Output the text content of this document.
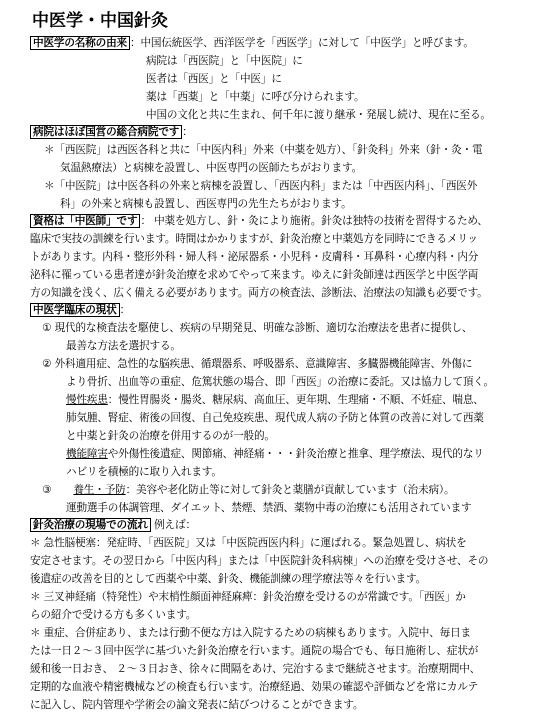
中医学・中国針灸
中医学の名称の由来 ：中国伝統医学、西洋医学を「西医学」に対して「中医学」と呼びます。
病院は「西医院」と「中医院」に
医者は「西医」と「中医」に
薬は「西薬」と「中薬」に呼び分けられます。
中国の文化と共に生まれ、何千年に渡り継承・発展し続け、現在に至る。
病院はほぼ国営の総合病院です ：
＊「西医院」は西医各科と共に「中医内科」外来（中薬を処方）、「針灸科」外来（針・灸・電
気温熱療法）と病棟を設置し、中医専門の医師たちがおります。
＊「中医院」は中医各科の外来と病棟を設置し、「西医内科」または「中西医内科」、「西医外
科」の外来と病棟も設置し、西医専門の先生たちがおります。
資格は「中医師」です ： 中薬を処方し、針・灸により施術。針灸は独特の技術を習得するため、
臨床で実技の訓練を行います。時間はかかりますが、針灸治療と中薬処方を同時にできるメリッ
トがあります。内科・整形外科・婦人科・泌尿器系・小児科・皮膚科・耳鼻科・心療内科・内分
泌科に罹っている患者達が針灸治療を求めてやって来ます。ゆえに針灸師達は西医学と中医学両
方の知識を浅く、広く備える必要があります。両方の検査法、診断法、治療法の知識も必要です。
中医学臨床の現状 ：
① 現代的な検査法を駆使し、疾病の早期発見、明確な診断、適切な治療法を患者に提供し、
最善な方法を選択する。
② 外科適用症、急性的な脳疾患、循環器系、呼吸器系、意識障害、多臓器機能障害、外傷に
より骨折、出血等の重症、危篤状態の場合、即「西医」の治療に委託。又は協力して頂く。
慢性疾患：慢性胃腸炎・腸炎、糖尿病、高血圧、更年期、生理痛・不順、不妊症、喘息、
肺気腫、腎症、術後の回復、自己免疫疾患、現代成人病の予防と体質の改善に対して西薬
と中薬と針灸の治療を併用するのが一般的。
機能障害や外傷性後遺症、関節痛、神経痛・・・針灸治療と推拿、理学療法、現代的なリ
ハビリを積極的に取り入れます。
③ 養生・予防：美容や老化防止等に対して針灸と薬膳が貢献しています（治未病）。
運動選手の体調管理、ダイエット、禁煙、禁酒、薬物中毒の治療にも活用されています
針灸治療の現場での流れ 例えば：
＊ 急性脳梗塞：発症時、「西医院」又は「中医院西医内科」に運ばれる。緊急処置し、病状を
安定させます。その翌日から「中医内科」または「中医院針灸科病棟」への治療を受けさせ、その
後遺症の改善を目的として西薬や中薬、針灸、機能訓練の理学療法等々を行います。
＊ 三叉神経痛（特発性）や末梢性顔面神経麻痺：針灸治療を受けるのが常識です。「西医」か
らの紹介で受ける方も多くいます。
＊ 重症、合併症あり、または行動不便な方は入院するための病棟もあります。入院中、毎日ま
たは一日２～３回中医学に基づいた針灸治療を行います。通院の場合でも、毎日施術し、症状が
緩和後一日おき、 ２～３日おき、徐々に間隔をあけ、完治するまで継続させます。治療期間中、
定期的な血液や精密機械などの検査も行います。治療経過、効果の確認や評価などを常にカルテ
に記入し、院内管理や学術会の論文発表に結びつけることができます。
